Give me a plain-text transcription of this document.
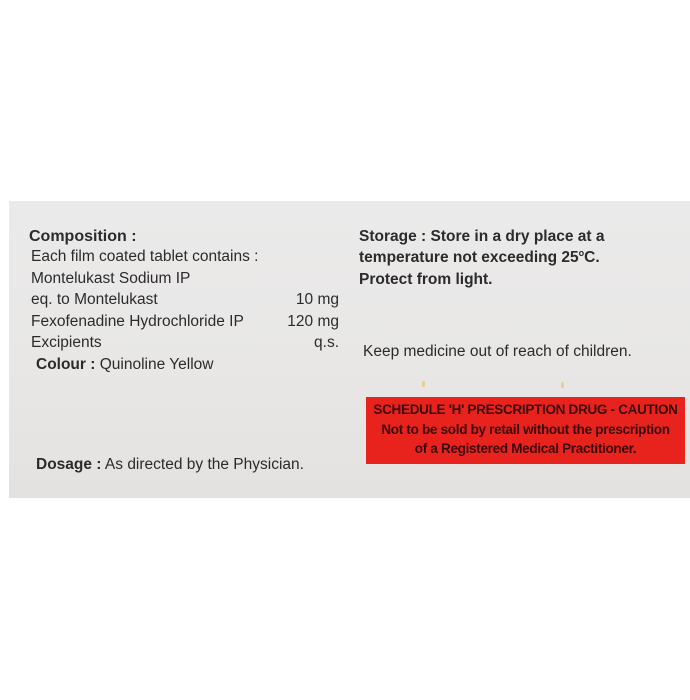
Composition :
Each film coated tablet contains :
Montelukast Sodium IP
eq. to Montelukast	10 mg
Fexofenadine Hydrochloride IP	120 mg
Excipients	q.s.
Colour : Quinoline Yellow
Dosage : As directed by the Physician.
Storage : Store in a dry place at a
temperature not exceeding 25$^o$C.
Protect from light.
Keep medicine out of reach of children.
SCHEDULE 'H' PRESCRIPTION DRUG - CAUTION
Not to be sold by retail without the prescription
of a Registered Medical Practitioner.
